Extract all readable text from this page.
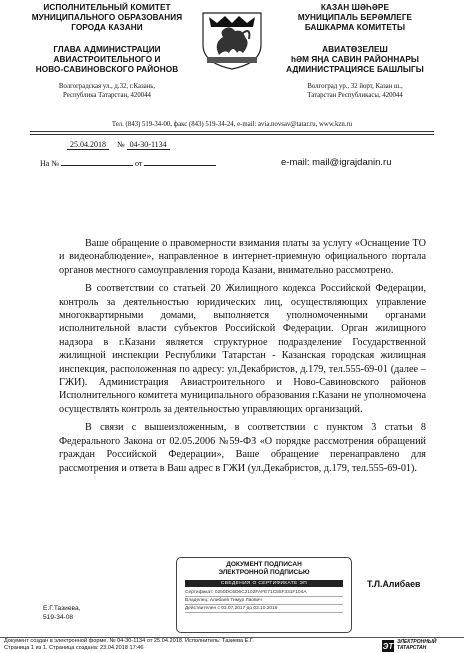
ИСПОЛНИТЕЛЬНЫЙ КОМИТЕТ
МУНИЦИПАЛЬНОГО ОБРАЗОВАНИЯ
ГОРОДА КАЗАНИ
ГЛАВА АДМИНИСТРАЦИИ
АВИАСТРОИТЕЛЬНОГО И
НОВО-САВИНОВСКОГО РАЙОНОВ
Волгоградская ул., д.32, г.Казань,
Республика Татарстан, 420044
КАЗАН ШӘҺӘРЕ
МУНИЦИПАЛЬ БЕРӘМЛЕГЕ
БАШКАРМА КОМИТЕТЫ
АВИАТӨЗЕЛЕШ
hӘМ ЯҢА САВИН РАЙОННАРЫ
АДМИНИСТРАЦИЯСЕ БАШЛЫГЫ
Волгоград ур., 32 йорт, Казан ш.,
Татарстан Республикасы, 420044
Тел. (843) 519-34-00, факс (843) 519-34-24, e-mail: avia.novsav@tatar.ru, www.kzn.ru
25.04.2018 № 04-30-1134
На №	от	e-mail: mail@igrajdanin.ru

Ваше обращение о правомерности взимания платы за услугу «Оснащение ТО и видеонаблюдение», направленное в интернет-приемную официального портала органов местного самоуправления города Казани, внимательно рассмотрено.

В соответствии со статьей 20 Жилищного кодекса Российской Федерации, контроль за деятельностью юридических лиц, осуществляющих управление многоквартирными домами, выполняется уполномоченными органами исполнительной власти субъектов Российской Федерации. Орган жилищного надзора в г.Казани является структурное подразделение Государственной жилищной инспекции Республики Татарстан - Казанская городская жилищная инспекция, расположенная по адресу: ул.Декабристов, д.179, тел.555-69-01 (далее – ГЖИ). Администрация Авиастроительного и Ново-Савиновского районов Исполнительного комитета муниципального образования г.Казани не уполномочена осуществлять контроль за деятельностью управляющих организаций.

В связи с вышеизложенным, в соответствии с пунктом 3 статьи 8 Федерального Закона от 02.05.2006 №59-ФЗ «О порядке рассмотрения обращений граждан Российской Федерации», Ваше обращение перенаправлено для рассмотрения и ответа в Ваш адрес в ГЖИ (ул.Декабристов, д.179, тел.555-69-01).

ДОКУМЕНТ ПОДПИСАН
ЭЛЕКТРОННОЙ ПОДПИСЬЮ
СВЕДЕНИЯ О СЕРТИФИКАТЕ ЭП
Сертификат: 0250DC6D6C2102FAFE71C55F331F104A
Владелец: Алибаев Тимур Лаович
Действителен с 03.07.2017 до 03.10.2018
Т.Л.Алибаев
Е.Г.Тазиева,
519-34-08
Документ создан в электронной форме. № 04-30-1134 от 25.04.2018. Исполнитель: Тазиева Е.Г.
Страница 1 из 1. Страница создана: 23.04.2018 17:46	ЭТ ЭЛЕКТРОННЫЙ
ТАТАРСТАН
